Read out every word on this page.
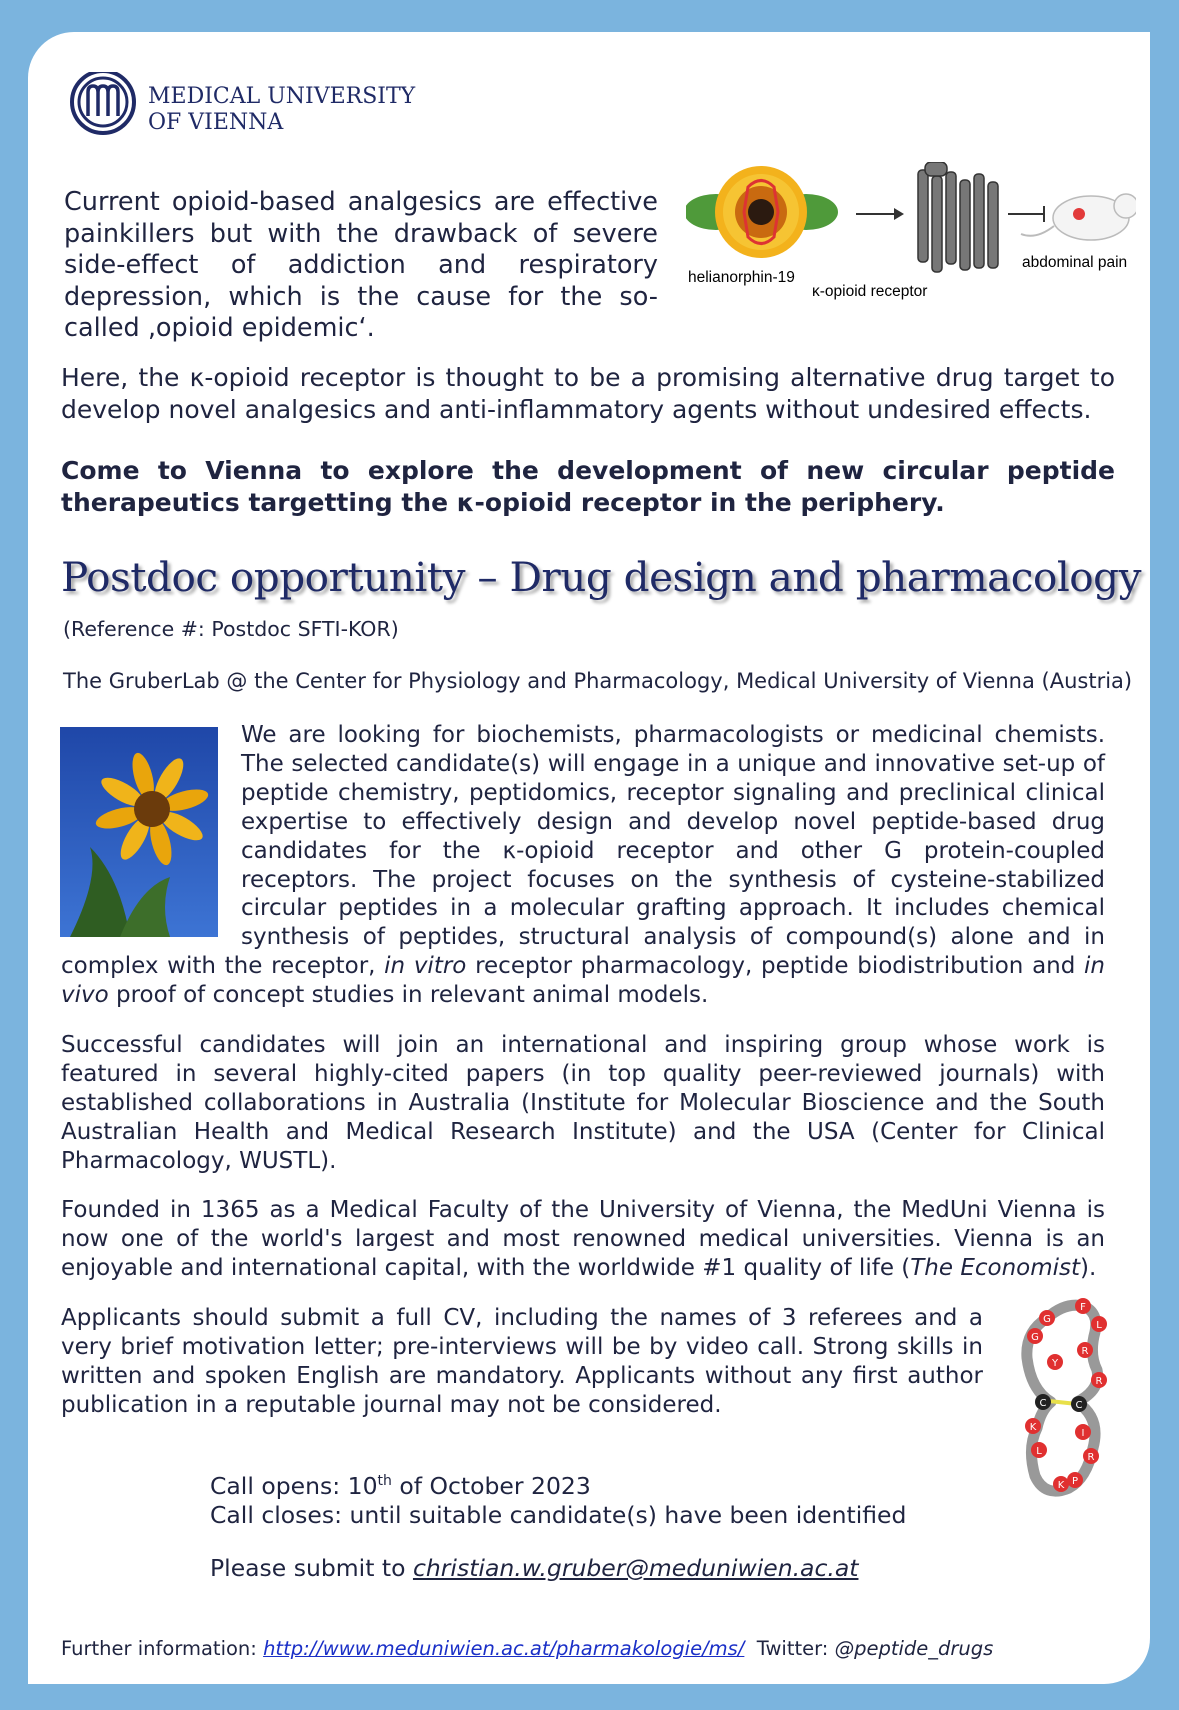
MEDICAL UNIVERSITY
OF VIENNA
Current opioid-based analgesics are effective painkillers but with the drawback of severe side-effect of addiction and respiratory depression, which is the cause for the so-called ‚opioid epidemic‘.
helianorphin-19
κ-opioid receptor
abdominal pain
Here, the κ-opioid receptor is thought to be a promising alternative drug target to develop novel analgesics and anti-inflammatory agents without undesired effects.
Come to Vienna to explore the development of new circular peptide therapeutics targetting the κ-opioid receptor in the periphery.
Postdoc opportunity – Drug design and pharmacology
(Reference #: Postdoc SFTI-KOR)
The GruberLab @ the Center for Physiology and Pharmacology, Medical University of Vienna (Austria)
We are looking for biochemists, pharmacologists or medicinal chemists. The selected candidate(s) will engage in a unique and innovative set-up of peptide chemistry, peptidomics, receptor signaling and preclinical clinical expertise to effectively design and develop novel peptide-based drug candidates for the κ-opioid receptor and other G protein-coupled receptors. The project focuses on the synthesis of cysteine-stabilized circular peptides in a molecular grafting approach. It includes chemical synthesis of peptides, structural analysis of compound(s) alone and in complex with the receptor, in vitro receptor pharmacology, peptide biodistribution and in vivo proof of concept studies in relevant animal models.
Successful candidates will join an international and inspiring group whose work is featured in several highly-cited papers (in top quality peer-reviewed journals) with established collaborations in Australia (Institute for Molecular Bioscience and the South Australian Health and Medical Research Institute) and the USA (Center for Clinical Pharmacology, WUSTL).
Founded in 1365 as a Medical Faculty of the University of Vienna, the MedUni Vienna is now one of the world's largest and most renowned medical universities. Vienna is an enjoyable and international capital, with the worldwide #1 quality of life (The Economist).
Applicants should submit a full CV, including the names of 3 referees and a very brief motivation letter; pre-interviews will be by video call. Strong skills in written and spoken English are mandatory. Applicants without any first author publication in a reputable journal may not be considered.
G
F
L
G
R
Y
R
C	C
K
I
L
R
K P
Call opens: 10th of October 2023
Call closes: until suitable candidate(s) have been identified
Please submit to christian.w.gruber@meduniwien.ac.at
Further information: http://www.meduniwien.ac.at/pharmakologie/ms/  Twitter: @peptide_drugs
